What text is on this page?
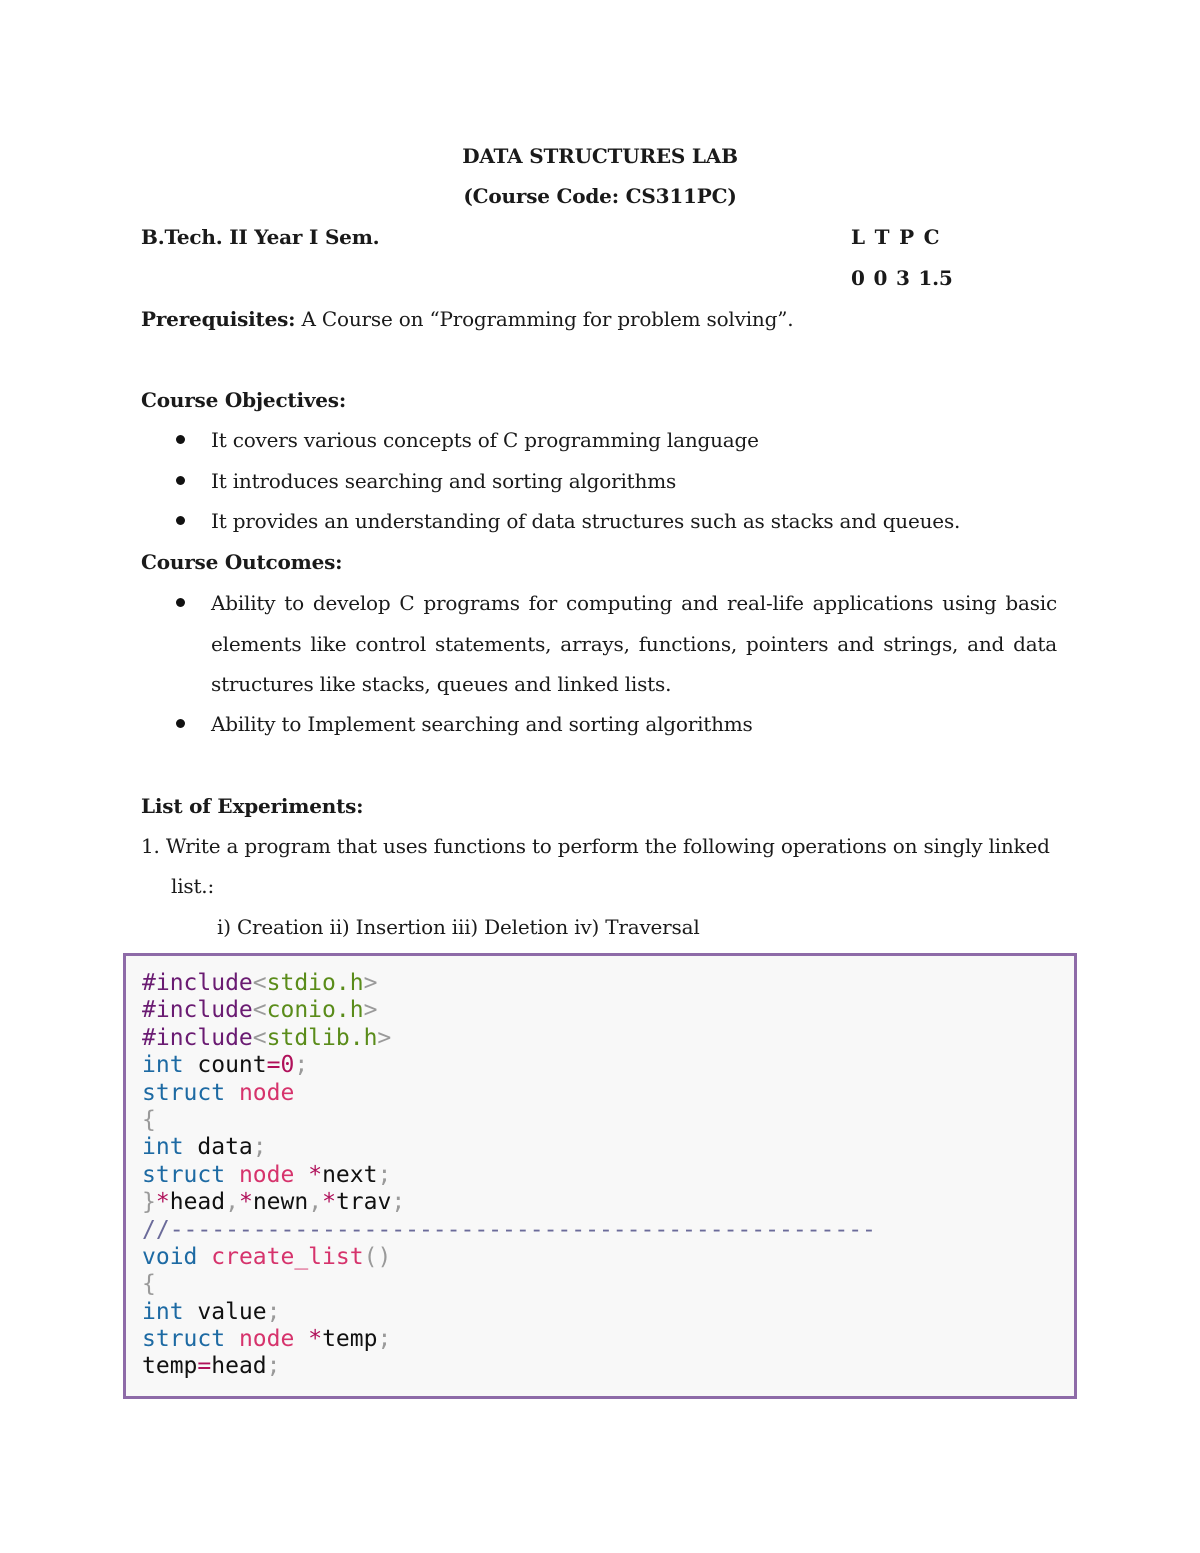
DATA STRUCTURES LAB
(Course Code: CS311PC)
B.Tech. II Year I Sem.	L T P C
0 0 3 1.5
Prerequisites: A Course on “Programming for problem solving”.
Course Objectives:
It covers various concepts of C programming language
It introduces searching and sorting algorithms
It provides an understanding of data structures such as stacks and queues.
Course Outcomes:
Ability to develop C programs for computing and real-life applications using basic
elements like control statements, arrays, functions, pointers and strings, and data
structures like stacks, queues and linked lists.
Ability to Implement searching and sorting algorithms
List of Experiments:
1. Write a program that uses functions to perform the following operations on singly linked
list.:
i) Creation ii) Insertion iii) Deletion iv) Traversal
#include<stdio.h>
#include<conio.h>
#include<stdlib.h>
int count=0;
struct node
{
int data;
struct node *next;
}*head,*newn,*trav;
//---------------------------------------------------
void create_list()
{
int value;
struct node *temp;
temp=head;
